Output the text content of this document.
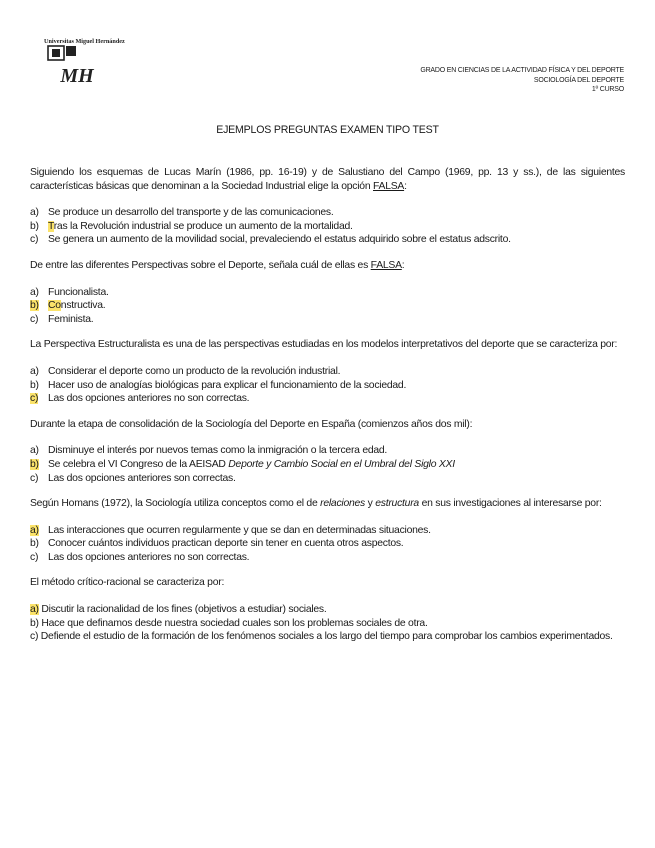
Universitas Miguel Hernández
MH	GRADO EN CIENCIAS DE LA ACTIVIDAD FÍSICA Y DEL DEPORTE
SOCIOLOGÍA DEL DEPORTE
1º CURSO
EJEMPLOS PREGUNTAS EXAMEN TIPO TEST

Siguiendo los esquemas de Lucas Marín (1986, pp. 16-19) y de Salustiano del Campo (1969, pp. 13 y ss.), de las siguientes características básicas que denominan a la Sociedad Industrial elige la opción FALSA:

a) Se produce un desarrollo del transporte y de las comunicaciones.
b) Tras la Revolución industrial se produce un aumento de la mortalidad.
c) Se genera un aumento de la movilidad social, prevaleciendo el estatus adquirido sobre el estatus adscrito.

De entre las diferentes Perspectivas sobre el Deporte, señala cuál de ellas es FALSA:

a) Funcionalista.
b) Constructiva.
c) Feminista.

La Perspectiva Estructuralista es una de las perspectivas estudiadas en los modelos interpretativos del deporte que se caracteriza por:

a) Considerar el deporte como un producto de la revolución industrial.
b) Hacer uso de analogías biológicas para explicar el funcionamiento de la sociedad.
c) Las dos opciones anteriores no son correctas.

Durante la etapa de consolidación de la Sociología del Deporte en España (comienzos años dos mil):

a) Disminuye el interés por nuevos temas como la inmigración o la tercera edad.
b) Se celebra el VI Congreso de la AEISAD Deporte y Cambio Social en el Umbral del Siglo XXI
c) Las dos opciones anteriores son correctas.

Según Homans (1972), la Sociología utiliza conceptos como el de relaciones y estructura en sus investigaciones al interesarse por:

a) Las interacciones que ocurren regularmente y que se dan en determinadas situaciones.
b) Conocer cuántos individuos practican deporte sin tener en cuenta otros aspectos.
c) Las dos opciones anteriores no son correctas.

El método crítico-racional se caracteriza por:

a) Discutir la racionalidad de los fines (objetivos a estudiar) sociales.

b) Hace que definamos desde nuestra sociedad cuales son los problemas sociales de otra.

c) Defiende el estudio de la formación de los fenómenos sociales a los largo del tiempo para comprobar los cambios experimentados.
